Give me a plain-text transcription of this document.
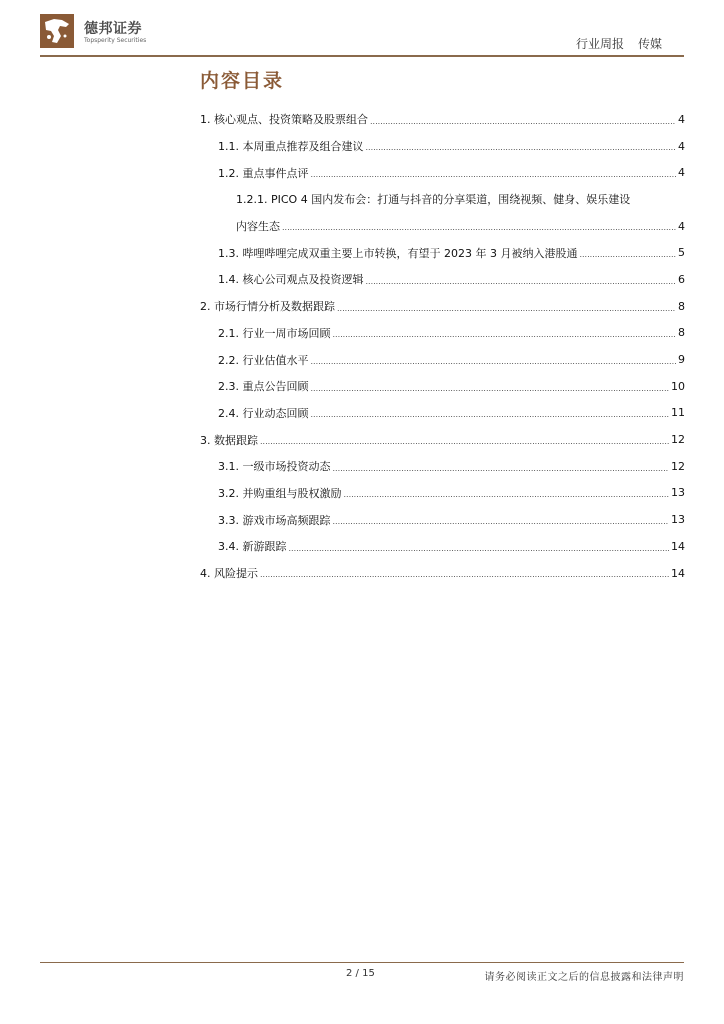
德邦证券
Topsperity Securities	行业周报 传媒
内容目录
1. 核心观点、投资策略及股票组合 .....	4
1.1. 本周重点推荐及组合建议 .....	4
1.2. 重点事件点评 .....	4
1.2.1. PICO 4 国内发布会：打通与抖音的分享渠道，围绕视频、健身、娱乐建设
内容生态 .....	4
1.3. 哔哩哔哩完成双重主要上市转换，有望于 2023 年 3 月被纳入港股通 .....	5
1.4. 核心公司观点及投资逻辑 .....	6
2. 市场行情分析及数据跟踪 .....	8
2.1. 行业一周市场回顾 .....	8
2.2. 行业估值水平 .....	9
2.3. 重点公告回顾 .....	10
2.4. 行业动态回顾 .....	11
3. 数据跟踪 .....	12
3.1. 一级市场投资动态 .....	12
3.2. 并购重组与股权激励 .....	13
3.3. 游戏市场高频跟踪 .....	13
3.4. 新游跟踪 .....	14
4. 风险提示 .....	14
2 / 15	请务必阅读正文之后的信息披露和法律声明
